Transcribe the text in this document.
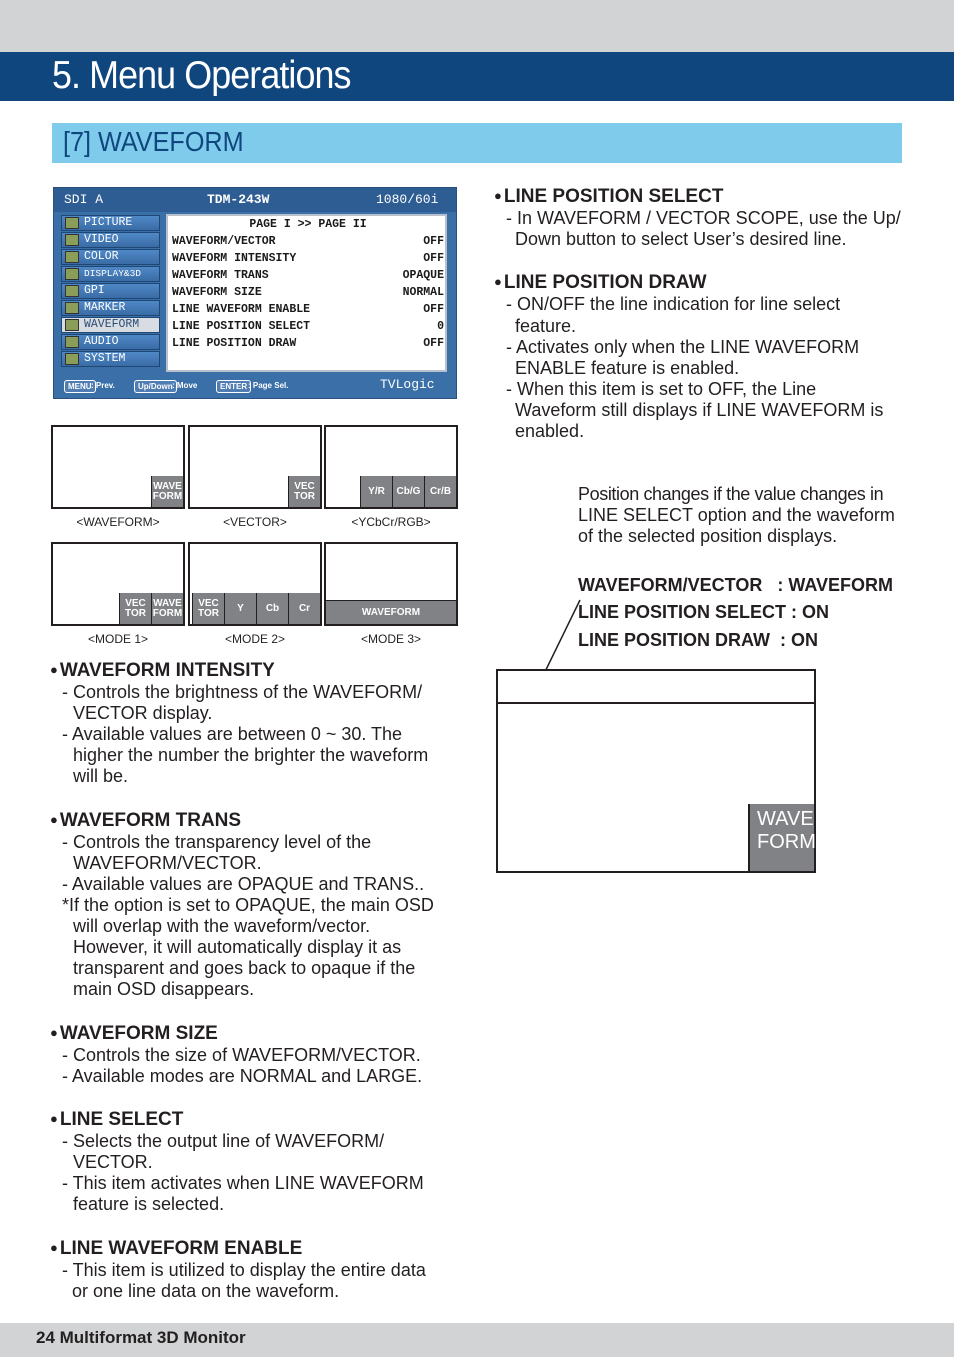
5. Menu Operations
[7] WAVEFORM
SDI A	TDM-243W	1080/60i
PICTURE
VIDEO
COLOR
DISPLAY&3D
GPI
MARKER
WAVEFORM
AUDIO
SYSTEM
PAGE I >> PAGE II
WAVEFORM/VECTOR	OFF
WAVEFORM INTENSITY	OFF
WAVEFORM TRANS	OPAQUE
WAVEFORM SIZE	NORMAL
LINE WAVEFORM ENABLE	OFF
LINE POSITION SELECT	0
LINE POSITION DRAW	OFF
MENU : Prev.	Up/Down : Move	ENTER : Page Sel.	TVLogic
WAVE
FORM
<WAVEFORM>
VEC
TOR
<VECTOR>
Y/R Cb/G Cr/B
<YCbCr/RGB>
VEC
TOR
WAVE
FORM
<MODE 1>
VEC
TOR Y Cb Cr
<MODE 2>
WAVEFORM
<MODE 3>
● WAVEFORM INTENSITY
- Controls the brightness of the WAVEFORM/
VECTOR display.
- Available values are between 0 ~ 30. The
higher the number the brighter the waveform
will be.
● WAVEFORM TRANS
- Controls the transparency level of the
WAVEFORM/VECTOR.
- Available values are OPAQUE and TRANS..
*If the option is set to OPAQUE, the main OSD
will overlap with the waveform/vector.
However, it will automatically display it as
transparent and goes back to opaque if the
main OSD disappears.
● WAVEFORM SIZE
- Controls the size of WAVEFORM/VECTOR.
- Available modes are NORMAL and LARGE.
● LINE SELECT
- Selects the output line of WAVEFORM/
VECTOR.
- This item activates when LINE WAVEFORM
feature is selected.
● LINE WAVEFORM ENABLE
- This item is utilized to display the entire data
or one line data on the waveform.
● LINE POSITION SELECT
- In WAVEFORM / VECTOR SCOPE, use the Up/
Down button to select User’s desired line.
● LINE POSITION DRAW
- ON/OFF the line indication for line select
feature.
- Activates only when the LINE WAVEFORM
ENABLE feature is enabled.
- When this item is set to OFF, the Line
Waveform still displays if LINE WAVEFORM is
enabled.
Position changes if the value changes in
LINE SELECT option and the waveform
of the selected position displays.
WAVEFORM/VECTOR   : WAVEFORM
LINE POSITION SELECT : ON
LINE POSITION DRAW  : ON
WAVE
FORM
24 Multiformat 3D Monitor
